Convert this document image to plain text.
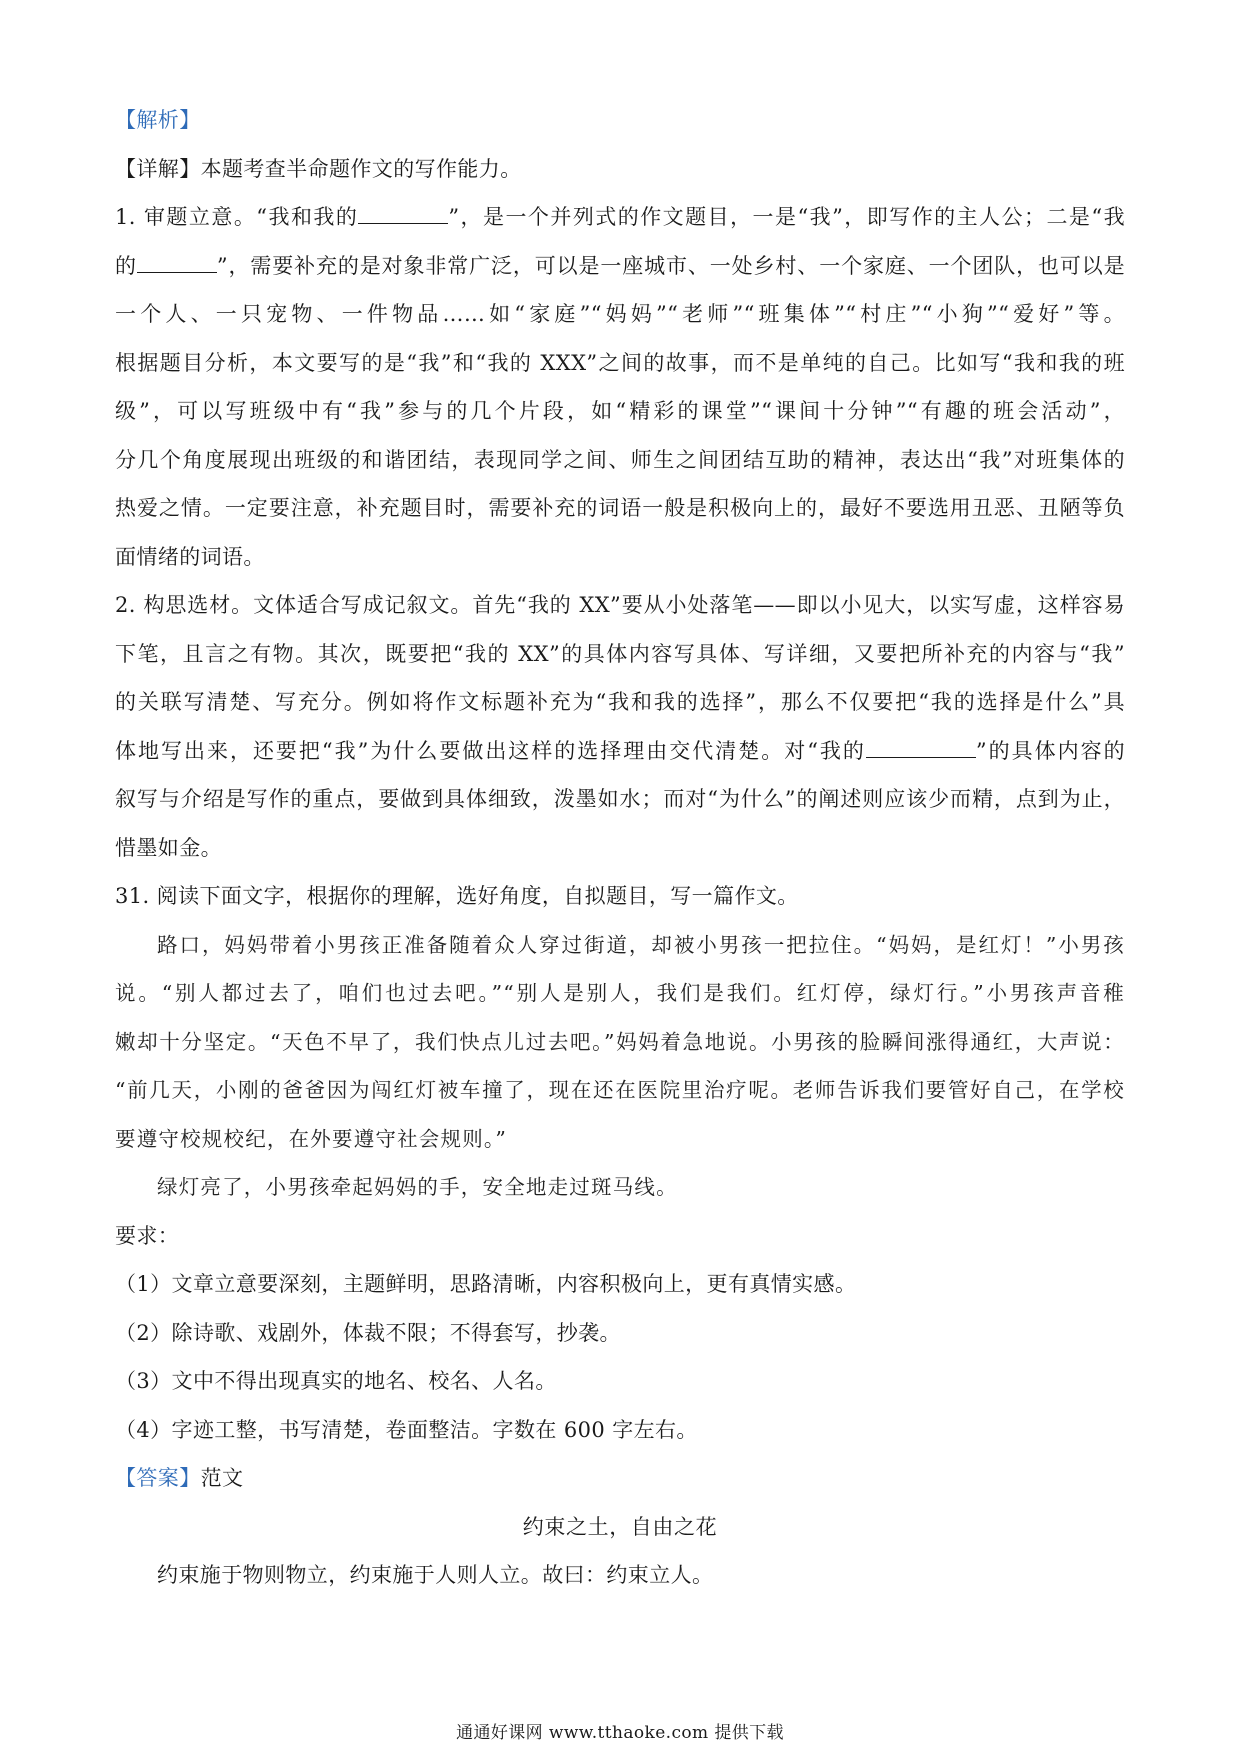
【解析】
【详解】本题考查半命题作文的写作能力。
1. 审题立意。“我和我的	”，是一个并列式的作文题目，一是“我”，即写作的主人公；二是“我
的	”，需要补充的是对象非常广泛，可以是一座城市、一处乡村、一个家庭、一个团队，也可以是
一个人、一只宠物、一件物品……如“家庭”“妈妈”“老师”“班集体”“村庄”“小狗”“爱好”等。
根据题目分析，本文要写的是“我”和“我的 XXX”之间的故事，而不是单纯的自己。比如写“我和我的班
级”，可以写班级中有“我”参与的几个片段，如“精彩的课堂”“课间十分钟”“有趣的班会活动”，
分几个角度展现出班级的和谐团结，表现同学之间、师生之间团结互助的精神，表达出“我”对班集体的
热爱之情。一定要注意，补充题目时，需要补充的词语一般是积极向上的，最好不要选用丑恶、丑陋等负
面情绪的词语。
2. 构思选材。文体适合写成记叙文。首先“我的 XX”要从小处落笔——即以小见大，以实写虚，这样容易
下笔，且言之有物。其次，既要把“我的 XX”的具体内容写具体、写详细，又要把所补充的内容与“我”
的关联写清楚、写充分。例如将作文标题补充为“我和我的选择”，那么不仅要把“我的选择是什么”具
体地写出来，还要把“我”为什么要做出这样的选择理由交代清楚。对“我的	”的具体内容的
叙写与介绍是写作的重点，要做到具体细致，泼墨如水；而对“为什么”的阐述则应该少而精，点到为止，
惜墨如金。
31. 阅读下面文字，根据你的理解，选好角度，自拟题目，写一篇作文。
路口，妈妈带着小男孩正准备随着众人穿过街道，却被小男孩一把拉住。“妈妈，是红灯！”小男孩
说。“别人都过去了，咱们也过去吧。”“别人是别人，我们是我们。红灯停，绿灯行。”小男孩声音稚
嫩却十分坚定。“天色不早了，我们快点儿过去吧。”妈妈着急地说。小男孩的脸瞬间涨得通红，大声说：
“前几天，小刚的爸爸因为闯红灯被车撞了，现在还在医院里治疗呢。老师告诉我们要管好自己，在学校
要遵守校规校纪，在外要遵守社会规则。”
绿灯亮了，小男孩牵起妈妈的手，安全地走过斑马线。
要求：
（1）文章立意要深刻，主题鲜明，思路清晰，内容积极向上，更有真情实感。
（2）除诗歌、戏剧外，体裁不限；不得套写，抄袭。
（3）文中不得出现真实的地名、校名、人名。
（4）字迹工整，书写清楚，卷面整洁。字数在 600 字左右。
【答案】范文
约束之土，自由之花
约束施于物则物立，约束施于人则人立。故曰：约束立人。
通通好课网 www.tthaoke.com 提供下载
